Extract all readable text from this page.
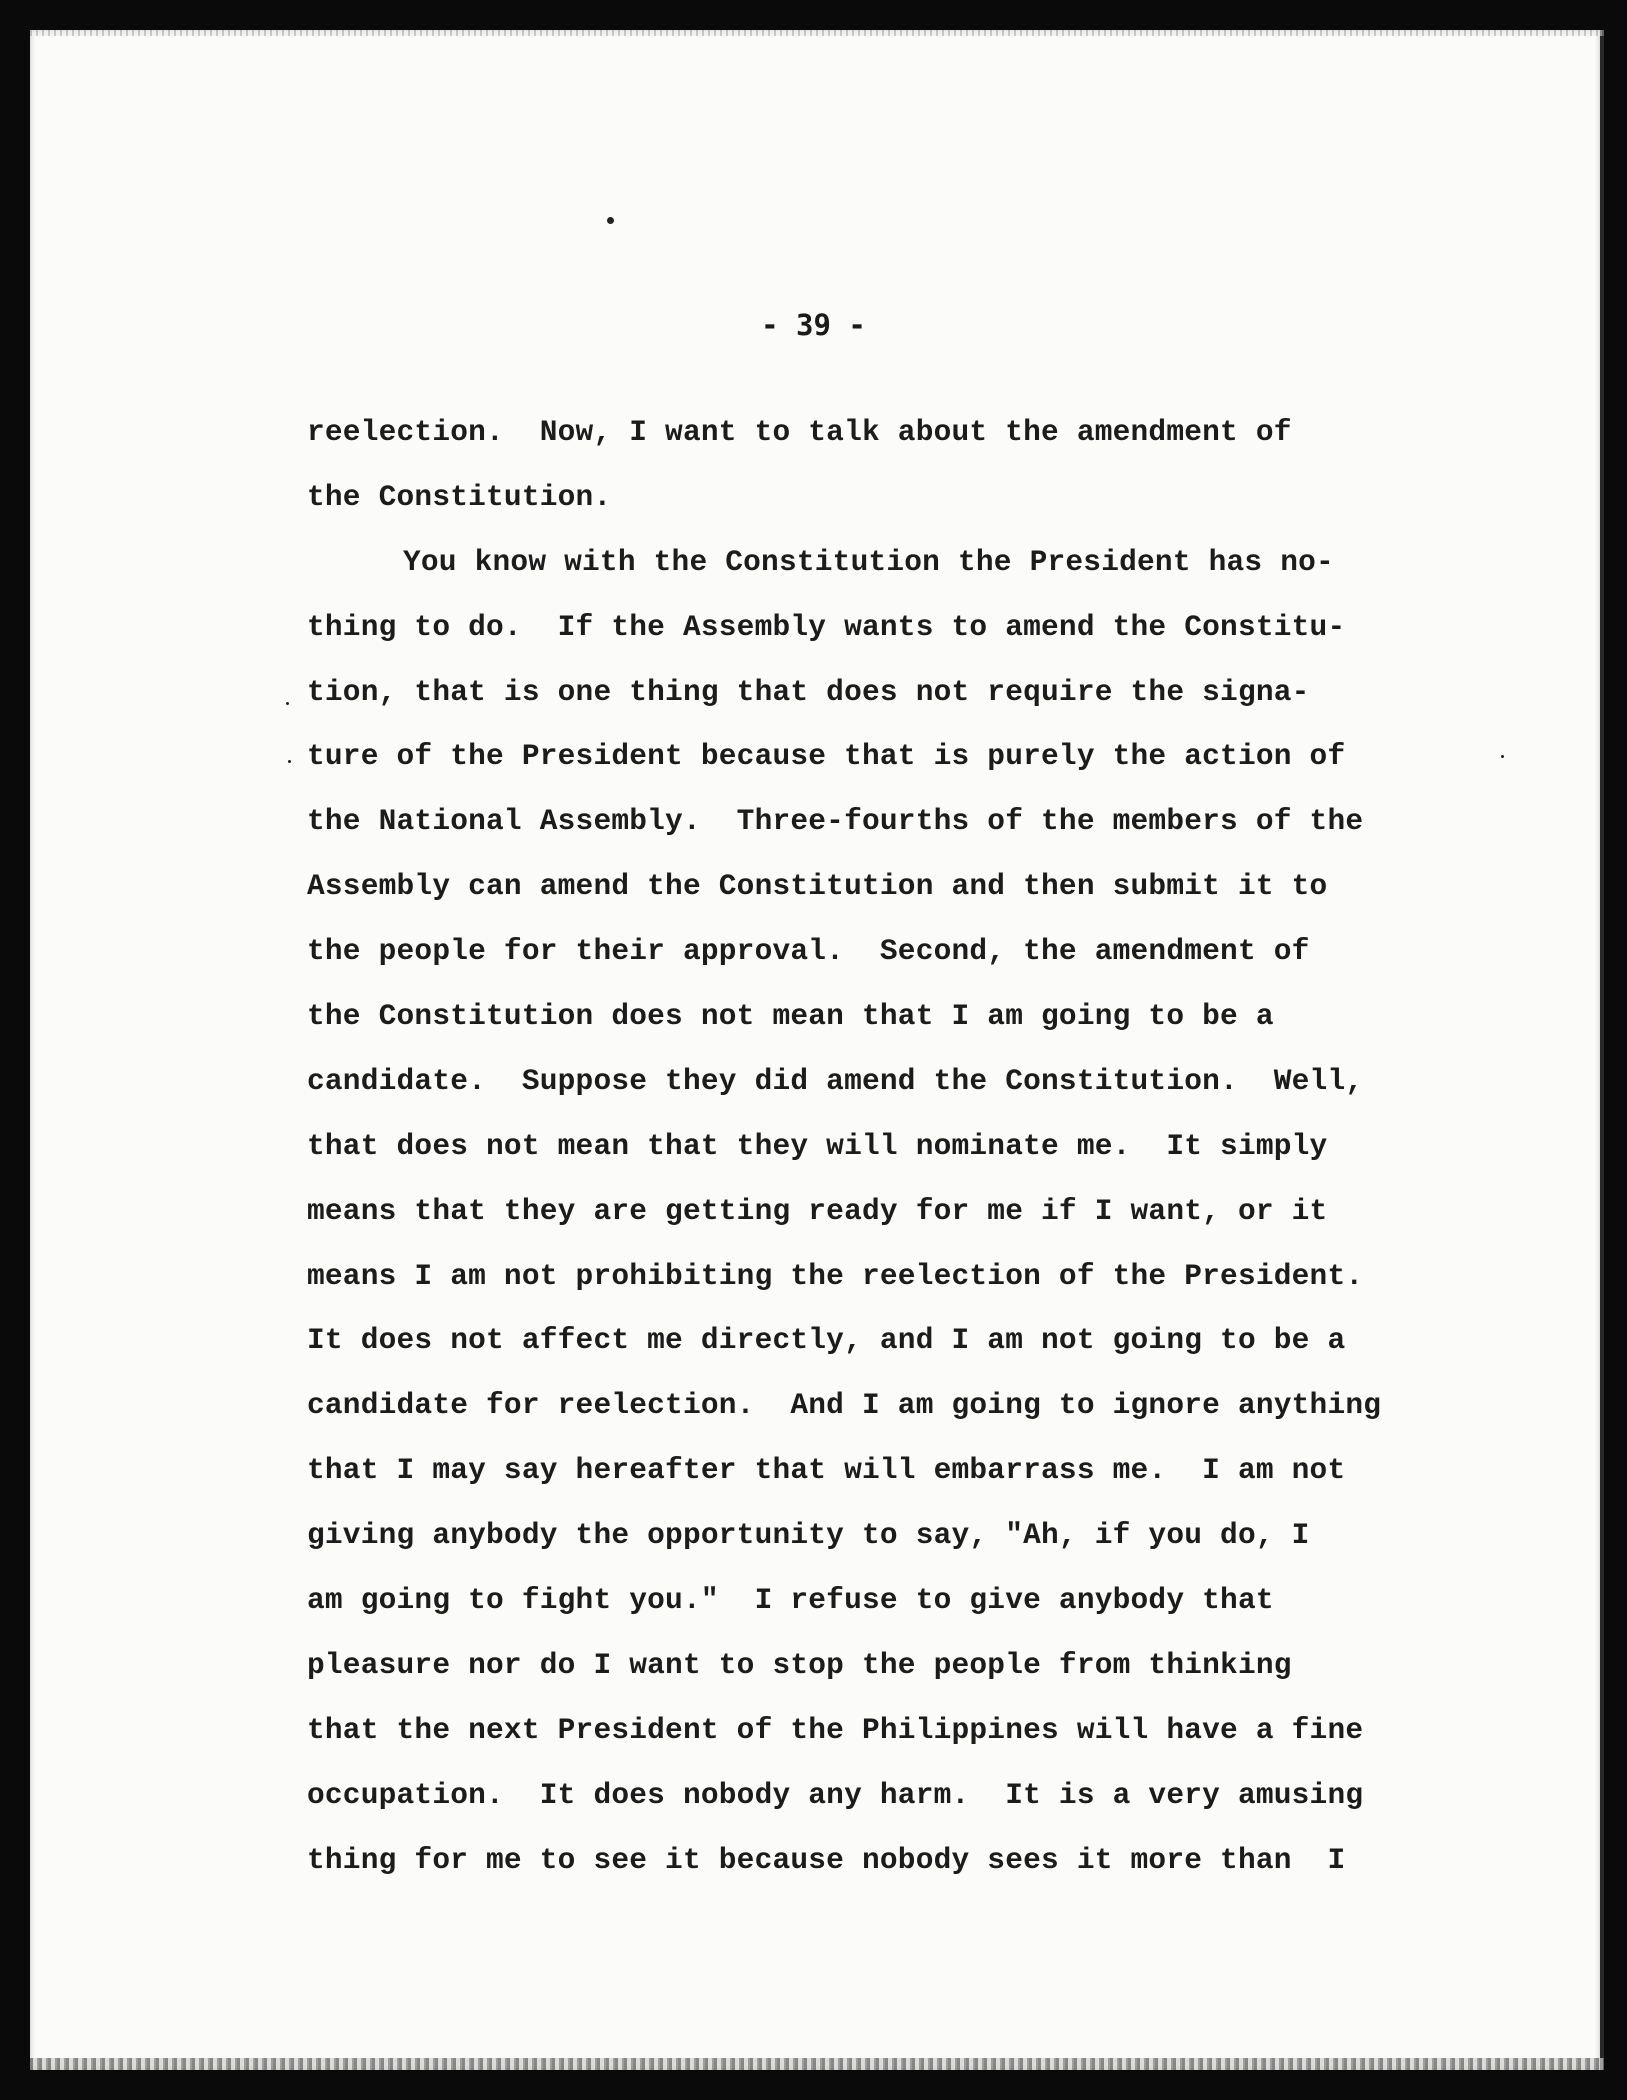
- 39 -
reelection.  Now, I want to talk about the amendment of
the Constitution.
You know with the Constitution the President has no-
thing to do.  If the Assembly wants to amend the Constitu-
tion, that is one thing that does not require the signa-
ture of the President because that is purely the action of
the National Assembly.  Three-fourths of the members of the
Assembly can amend the Constitution and then submit it to
the people for their approval.  Second, the amendment of
the Constitution does not mean that I am going to be a
candidate.  Suppose they did amend the Constitution.  Well,
that does not mean that they will nominate me.  It simply
means that they are getting ready for me if I want, or it
means I am not prohibiting the reelection of the President.
It does not affect me directly, and I am not going to be a
candidate for reelection.  And I am going to ignore anything
that I may say hereafter that will embarrass me.  I am not
giving anybody the opportunity to say, "Ah, if you do, I
am going to fight you."  I refuse to give anybody that
pleasure nor do I want to stop the people from thinking
that the next President of the Philippines will have a fine
occupation.  It does nobody any harm.  It is a very amusing
thing for me to see it because nobody sees it more than  I
